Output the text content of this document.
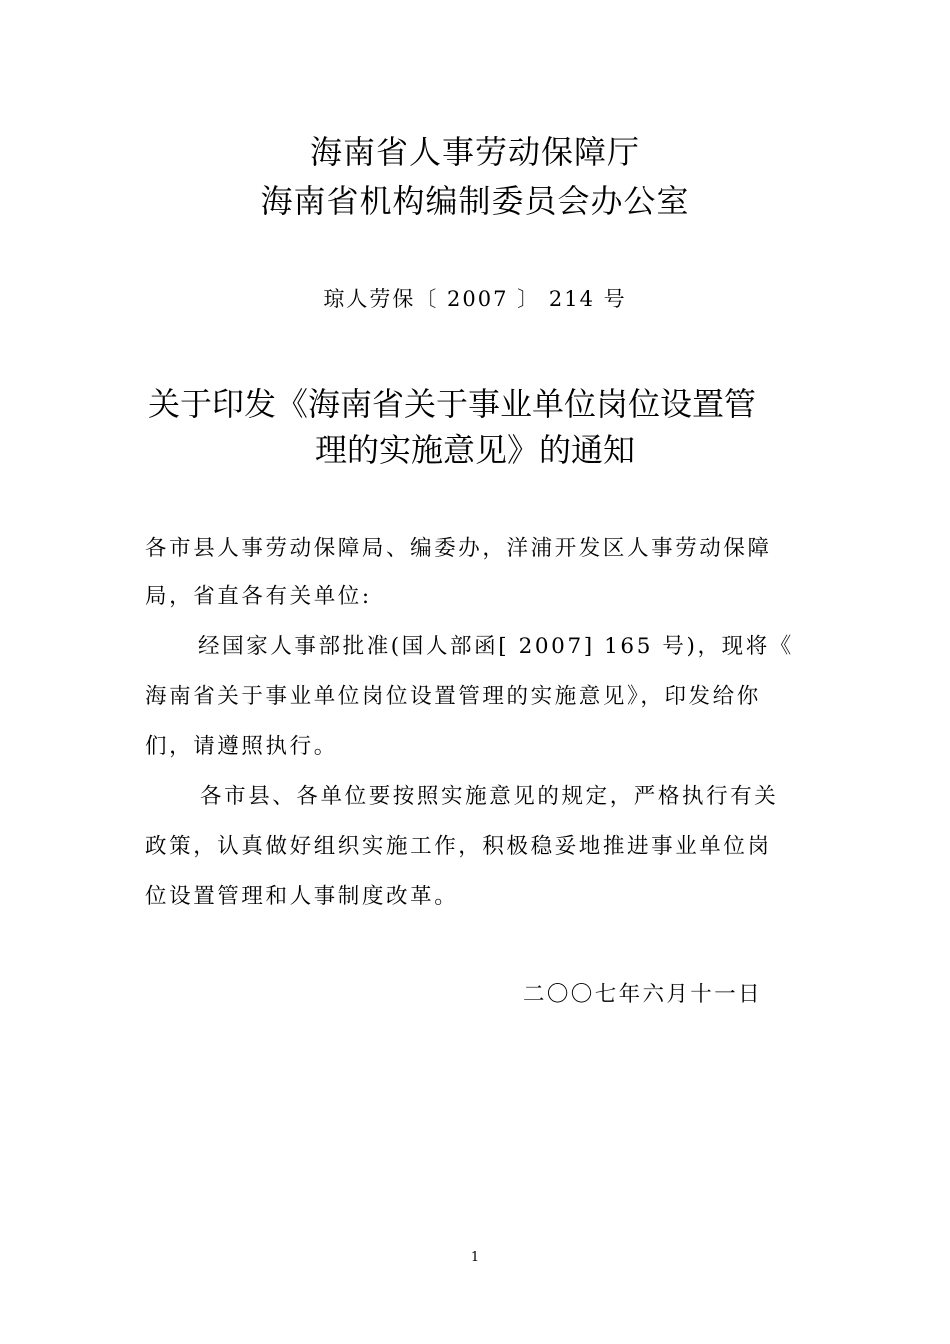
海南省人事劳动保障厅

海南省机构编制委员会办公室

琼人劳保〔 2007 〕 214 号

关于印发《海南省关于事业单位岗位设置管

理的实施意见》的通知

各市县人事劳动保障局、编委办，洋浦开发区人事劳动保障

局，省直各有关单位:

经国家人事部批准(国人部函[ 2007] 165 号)，现将《

海南省关于事业单位岗位设置管理的实施意见》，印发给你

们，请遵照执行。

各市县、各单位要按照实施意见的规定，严格执行有关

政策，认真做好组织实施工作，积极稳妥地推进事业单位岗

位设置管理和人事制度改革。

二〇〇七年六月十一日

1
